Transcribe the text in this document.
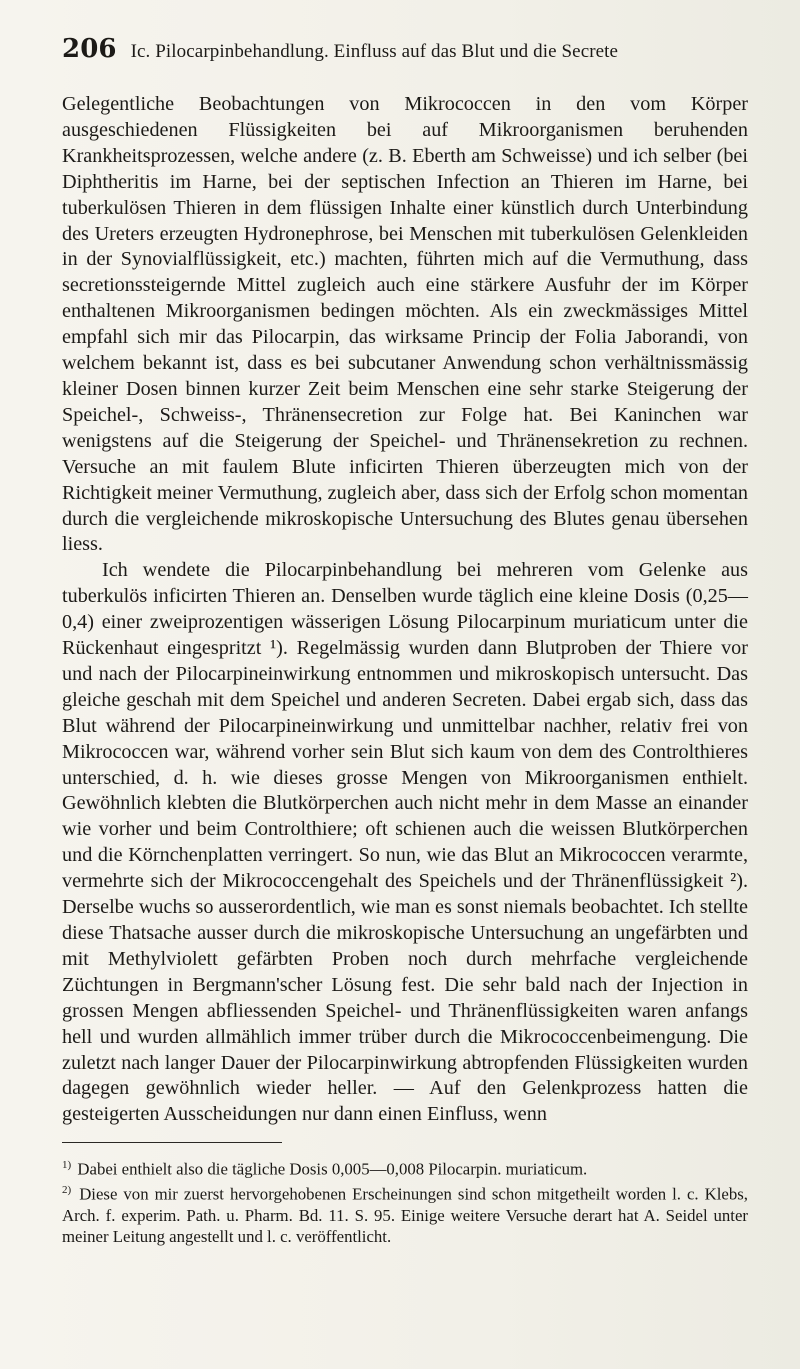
206 Ic. Pilocarpinbehandlung. Einfluss auf das Blut und die Secrete

Gelegentliche Beobachtungen von Mikrococcen in den vom Körper ausgeschiedenen Flüssigkeiten bei auf Mikroorganismen beruhenden Krankheitsprozessen, welche andere (z. B. Eberth am Schweisse) und ich selber (bei Diphtheritis im Harne, bei der septischen Infection an Thieren im Harne, bei tuberkulösen Thieren in dem flüssigen Inhalte einer künstlich durch Unterbindung des Ureters erzeugten Hydronephrose, bei Menschen mit tuberkulösen Gelenkleiden in der Synovialflüssigkeit, etc.) machten, führten mich auf die Vermuthung, dass secretionssteigernde Mittel zugleich auch eine stärkere Ausfuhr der im Körper enthaltenen Mikroorganismen bedingen möchten. Als ein zweckmässiges Mittel empfahl sich mir das Pilocarpin, das wirksame Princip der Folia Jaborandi, von welchem bekannt ist, dass es bei subcutaner Anwendung schon verhältnissmässig kleiner Dosen binnen kurzer Zeit beim Menschen eine sehr starke Steigerung der Speichel-, Schweiss-, Thränensecretion zur Folge hat. Bei Kaninchen war wenigstens auf die Steigerung der Speichel- und Thränensekretion zu rechnen. Versuche an mit faulem Blute inficirten Thieren überzeugten mich von der Richtigkeit meiner Vermuthung, zugleich aber, dass sich der Erfolg schon momentan durch die vergleichende mikroskopische Untersuchung des Blutes genau übersehen liess.

Ich wendete die Pilocarpinbehandlung bei mehreren vom Gelenke aus tuberkulös inficirten Thieren an. Denselben wurde täglich eine kleine Dosis (0,25—0,4) einer zweiprozentigen wässerigen Lösung Pilocarpinum muriaticum unter die Rückenhaut eingespritzt ¹). Regelmässig wurden dann Blutproben der Thiere vor und nach der Pilocarpineinwirkung entnommen und mikroskopisch untersucht. Das gleiche geschah mit dem Speichel und anderen Secreten. Dabei ergab sich, dass das Blut während der Pilocarpineinwirkung und unmittelbar nachher, relativ frei von Mikrococcen war, während vorher sein Blut sich kaum von dem des Controlthieres unterschied, d. h. wie dieses grosse Mengen von Mikroorganismen enthielt. Gewöhnlich klebten die Blutkörperchen auch nicht mehr in dem Masse an einander wie vorher und beim Controlthiere; oft schienen auch die weissen Blutkörperchen und die Körnchenplatten verringert. So nun, wie das Blut an Mikrococcen verarmte, vermehrte sich der Mikrococcengehalt des Speichels und der Thränenflüssigkeit ²). Derselbe wuchs so ausserordentlich, wie man es sonst niemals beobachtet. Ich stellte diese Thatsache ausser durch die mikroskopische Untersuchung an ungefärbten und mit Methylviolett gefärbten Proben noch durch mehrfache vergleichende Züchtungen in Bergmann'scher Lösung fest. Die sehr bald nach der Injection in grossen Mengen abfliessenden Speichel- und Thränenflüssigkeiten waren anfangs hell und wurden allmählich immer trüber durch die Mikrococcenbeimengung. Die zuletzt nach langer Dauer der Pilocarpinwirkung abtropfenden Flüssigkeiten wurden dagegen gewöhnlich wieder heller. — Auf den Gelenkprozess hatten die gesteigerten Ausscheidungen nur dann einen Einfluss, wenn

$^{1)}$ Dabei enthielt also die tägliche Dosis 0,005—0,008 Pilocarpin. muriaticum.

$^{2)}$ Diese von mir zuerst hervorgehobenen Erscheinungen sind schon mitgetheilt worden l. c. Klebs, Arch. f. experim. Path. u. Pharm. Bd. 11. S. 95. Einige weitere Versuche derart hat A. Seidel unter meiner Leitung angestellt und l. c. veröffentlicht.
